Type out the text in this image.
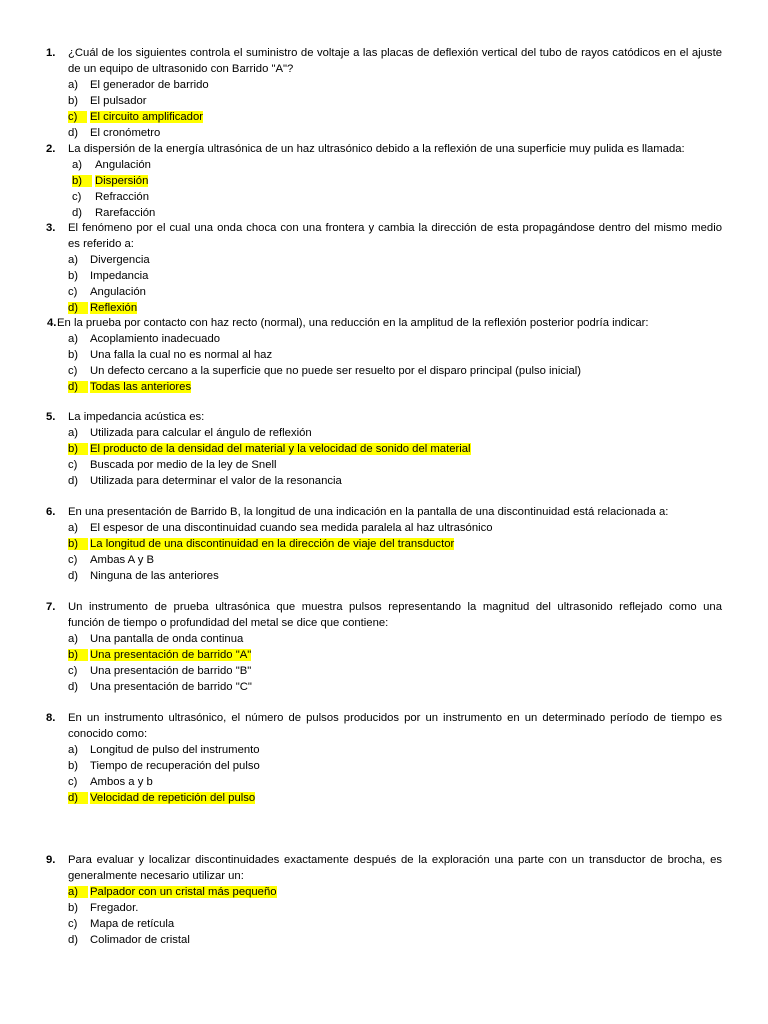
1. ¿Cuál de los siguientes controla el suministro de voltaje a las placas de deflexión vertical del tubo de rayos catódicos en el ajuste
de un equipo de ultrasonido con Barrido "A"?
a) El generador de barrido
b) El pulsador
c) El circuito amplificador
d) El cronómetro
2. La dispersión de la energía ultrasónica de un haz ultrasónico debido a la reflexión de una superficie muy pulida es llamada:
a) Angulación
b) Dispersión
c) Refracción
d) Rarefacción
3. El fenómeno por el cual una onda choca con una frontera y cambia la dirección de esta propagándose dentro del mismo medio
es referido a:
a) Divergencia
b) Impedancia
c) Angulación
d) Reflexión
4. En la prueba por contacto con haz recto (normal), una reducción en la amplitud de la reflexión posterior podría indicar:
a) Acoplamiento inadecuado
b) Una falla la cual no es normal al haz
c) Un defecto cercano a la superficie que no puede ser resuelto por el disparo principal (pulso inicial)
d) Todas las anteriores
5. La impedancia acústica es:
a) Utilizada para calcular el ángulo de reflexión
b) El producto de la densidad del material y la velocidad de sonido del material
c) Buscada por medio de la ley de Snell
d) Utilizada para determinar el valor de la resonancia
6. En una presentación de Barrido B, la longitud de una indicación en la pantalla de una discontinuidad está relacionada a:
a) El espesor de una discontinuidad cuando sea medida paralela al haz ultrasónico
b) La longitud de una discontinuidad en la dirección de viaje del transductor
c) Ambas A y B
d) Ninguna de las anteriores
7. Un instrumento de prueba ultrasónica que muestra pulsos representando la magnitud del ultrasonido reflejado como una
función de tiempo o profundidad del metal se dice que contiene:
a) Una pantalla de onda continua
b) Una presentación de barrido "A"
c) Una presentación de barrido "B"
d) Una presentación de barrido "C"
8. En un instrumento ultrasónico, el número de pulsos producidos por un instrumento en un determinado período de tiempo es
conocido como:
a) Longitud de pulso del instrumento
b) Tiempo de recuperación del pulso
c) Ambos a y b
d) Velocidad de repetición del pulso
9. Para evaluar y localizar discontinuidades exactamente después de la exploración una parte con un transductor de brocha, es
generalmente necesario utilizar un:
a) Palpador con un cristal más pequeño
b) Fregador.
c) Mapa de retícula
d) Colimador de cristal
